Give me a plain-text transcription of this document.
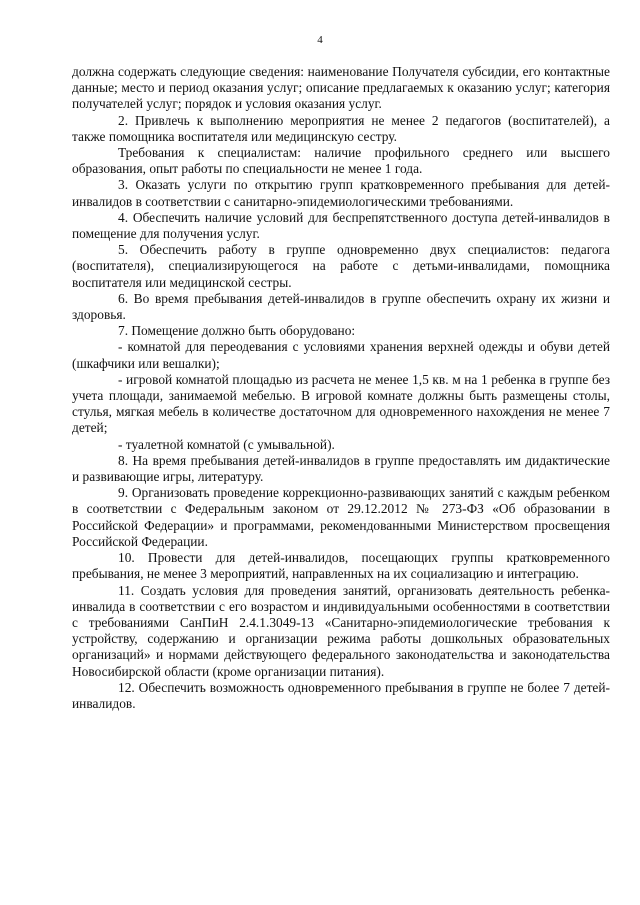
4

должна содержать следующие сведения: наименование Получателя субсидии, его контактные данные; место и период оказания услуг; описание предлагаемых к оказанию услуг; категория получателей услуг; порядок и условия оказания услуг.

2. Привлечь к выполнению мероприятия не менее 2 педагогов (воспитателей), а также помощника воспитателя или медицинскую сестру.

Требования к специалистам: наличие профильного среднего или высшего образования, опыт работы по специальности не менее 1 года.

3. Оказать услуги по открытию групп кратковременного пребывания для детей-инвалидов в соответствии с санитарно-эпидемиологическими требованиями.

4. Обеспечить наличие условий для беспрепятственного доступа детей-инвалидов в помещение для получения услуг.

5. Обеспечить работу в группе одновременно двух специалистов: педагога (воспитателя), специализирующегося на работе с детьми-инвалидами, помощника воспитателя или медицинской сестры.

6. Во время пребывания детей-инвалидов в группе обеспечить охрану их жизни и здоровья.

7. Помещение должно быть оборудовано:

- комнатой для переодевания с условиями хранения верхней одежды и обуви детей (шкафчики или вешалки);

- игровой комнатой площадью из расчета не менее 1,5 кв. м на 1 ребенка в группе без учета площади, занимаемой мебелью. В игровой комнате должны быть размещены столы, стулья, мягкая мебель в количестве достаточном для одновременного нахождения не менее 7 детей;

- туалетной комнатой (с умывальной).

8. На время пребывания детей-инвалидов в группе предоставлять им дидактические и развивающие игры, литературу.

9. Организовать проведение коррекционно-развивающих занятий с каждым ребенком в соответствии с Федеральным законом от 29.12.2012 № 273-ФЗ «Об образовании в Российской Федерации» и программами, рекомендованными Министерством просвещения Российской Федерации.

10. Провести для детей-инвалидов, посещающих группы кратковременного пребывания, не менее 3 мероприятий, направленных на их социализацию и интеграцию.

11. Создать условия для проведения занятий, организовать деятельность ребенка-инвалида в соответствии с его возрастом и индивидуальными особенностями в соответствии с требованиями СанПиН 2.4.1.3049-13 «Санитарно-эпидемиологические требования к устройству, содержанию и организации режима работы дошкольных образовательных организаций» и нормами действующего федерального законодательства и законодательства Новосибирской области (кроме организации питания).

12. Обеспечить возможность одновременного пребывания в группе не более 7 детей-инвалидов.
